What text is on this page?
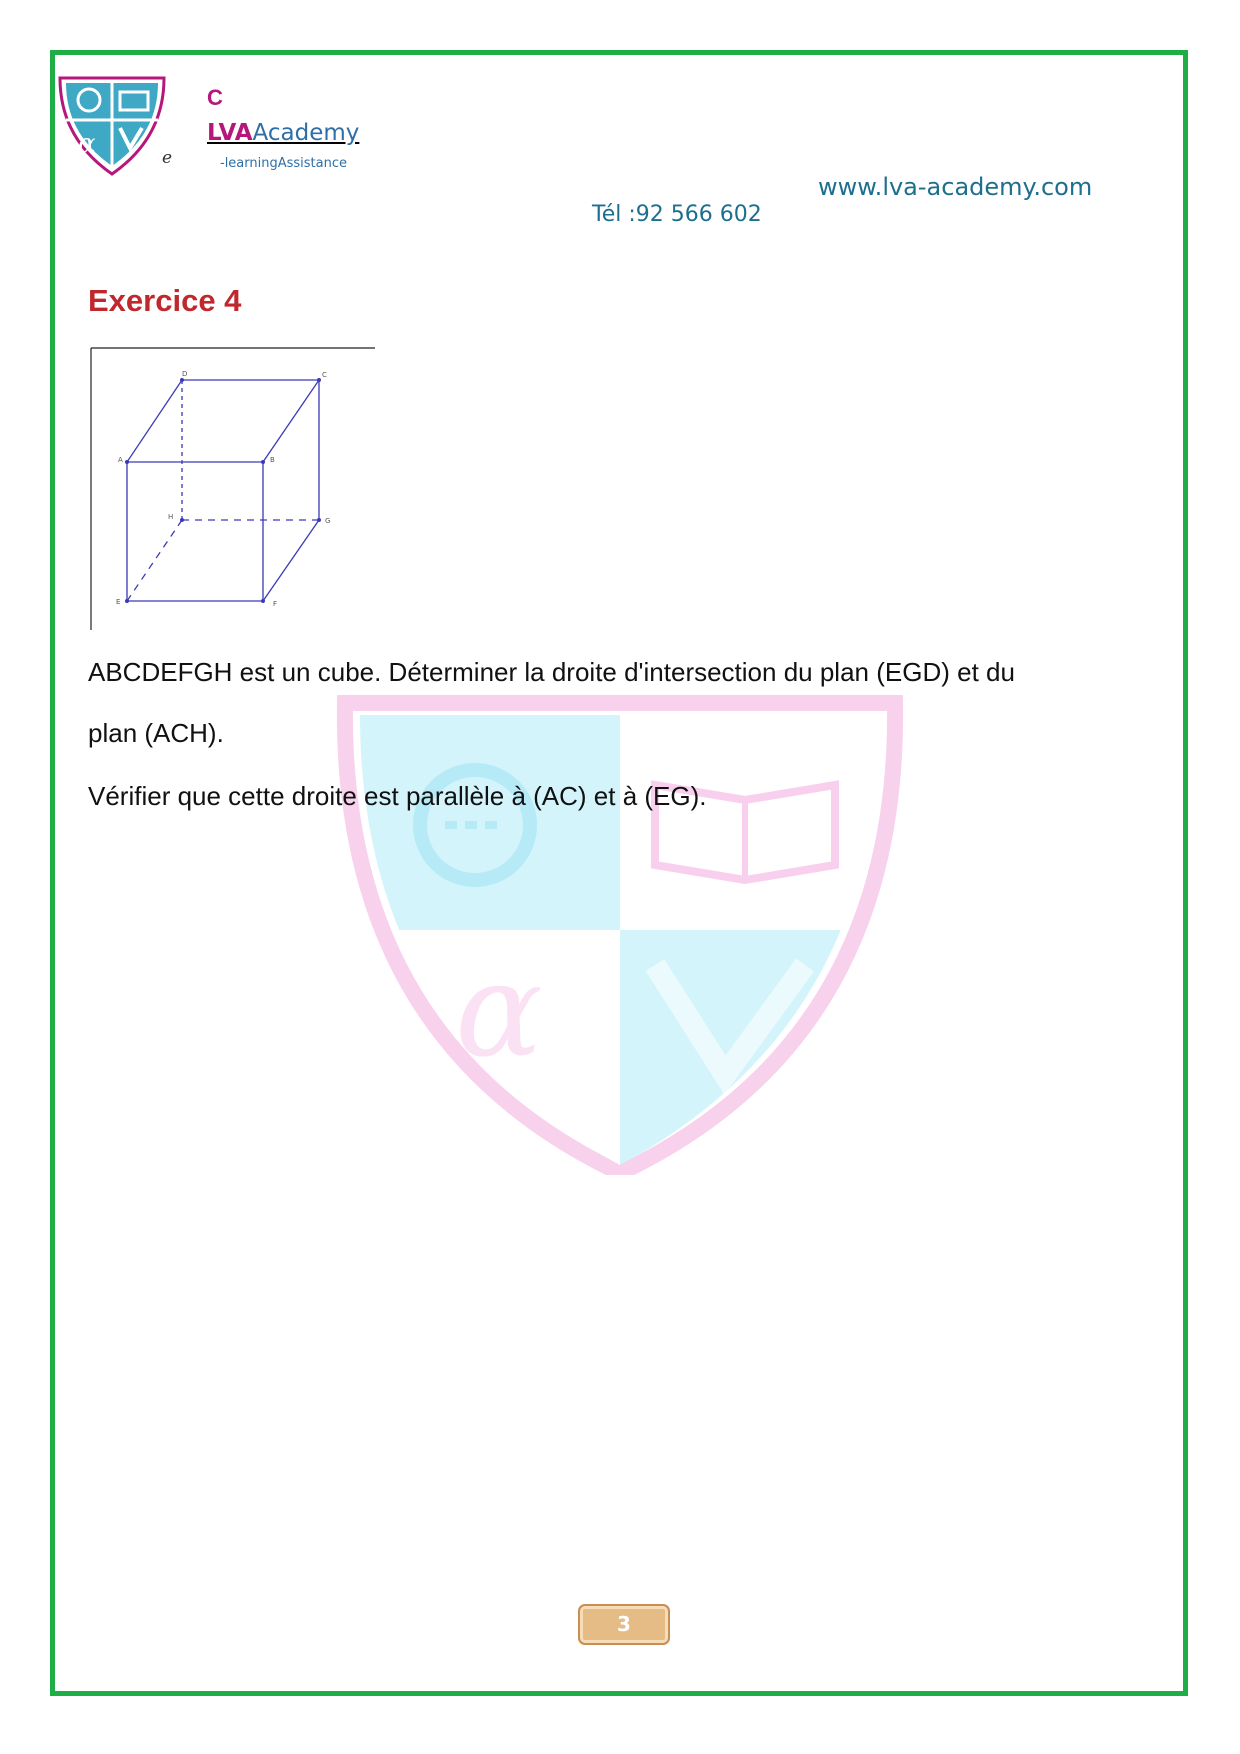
α
α	e
C
LVAAcademy
-learningAssistance
www.lva-academy.com
Tél :92 566 602
Exercice 4
A	B
C
D
E	F
G
H
ABCDEFGH est un cube. Déterminer la droite d'intersection du plan (EGD) et du
plan (ACH).
Vérifier que cette droite est parallèle à (AC) et à (EG).
3
